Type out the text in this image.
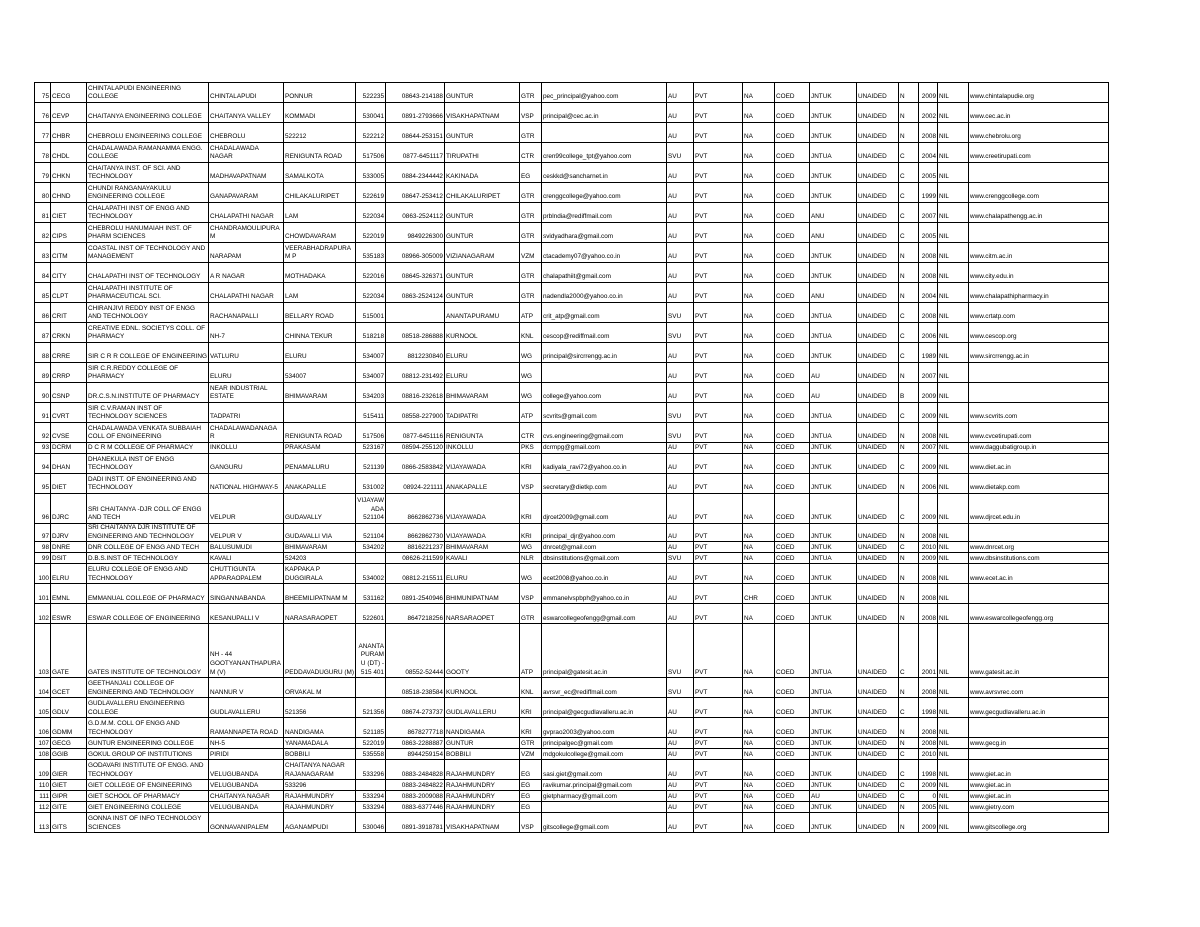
75	CECG	CHINTALAPUDI ENGINEERING COLLEGE	CHINTALAPUDI	PONNUR	522235	08643-214188	GUNTUR	GTR	pec_principal@yahoo.com	AU	PVT	NA	COED	JNTUK	UNAIDED	N	2009	NIL	www.chintalapudie.org
76	CEVP	CHAITANYA ENGINEERING COLLEGE	CHAITANYA VALLEY	KOMMADI	530041	0891-2793666	VISAKHAPATNAM	VSP	principal@cec.ac.in	AU	PVT	NA	COED	JNTUK	UNAIDED	N	2002	NIL	www.cec.ac.in
77	CHBR	CHEBROLU ENGINEERING COLLEGE	CHEBROLU	522212	522212	08644-253151	GUNTUR	GTR		AU	PVT	NA	COED	JNTUK	UNAIDED	N	2008	NIL	www.chebrolu.org
78	CHDL	CHADALAWADA RAMANAMMA ENGG. COLLEGE	CHADALAWADA NAGAR	RENIGUNTA ROAD	517506	0877-6451117	TIRUPATHI	CTR	cren99college_tpt@yahoo.com	SVU	PVT	NA	COED	JNTUA	UNAIDED	C	2004	NIL	www.creetirupati.com
79	CHKN	CHAITANYA INST. OF SCI. AND TECHNOLOGY	MADHAVAPATNAM	SAMALKOTA	533005	0884-2344442	KAKINADA	EG	ceskkd@sancharnet.in	AU	PVT	NA	COED	JNTUK	UNAIDED	C	2005	NIL	
80	CHND	CHUNDI RANGANAYAKULU ENGINEERING COLLEGE	GANAPAVARAM	CHILAKALURIPET	522619	08647-253412	CHILAKALURIPET	GTR	crenggcollege@yahoo.com	AU	PVT	NA	COED	JNTUK	UNAIDED	C	1999	NIL	www.crenggcollege.com
81	CIET	CHALAPATHI INST OF ENGG AND TECHNOLOGY	CHALAPATHI NAGAR	LAM	522034	0863-2524112	GUNTUR	GTR	prblndia@rediffmail.com	AU	PVT	NA	COED	ANU	UNAIDED	C	2007	NIL	www.chalapathengg.ac.in
82	CIPS	CHEBROLU HANUMAIAH INST. OF PHARM SCIENCES	CHANDRAMOULIPURA M	CHOWDAVARAM	522019	9849226300	GUNTUR	GTR	svidyadhara@gmail.com	AU	PVT	NA	COED	ANU	UNAIDED	C	2005	NIL	
83	CITM	COASTAL INST OF TECHNOLOGY AND MANAGEMENT	NARAPAM	VEERABHADRAPURA M P	535183	08966-305009	VIZIANAGARAM	VZM	ctacademy07@yahoo.co.in	AU	PVT	NA	COED	JNTUK	UNAIDED	N	2008	NIL	www.citm.ac.in
84	CITY	CHALAPATHI INST OF TECHNOLOGY	A R NAGAR	MOTHADAKA	522016	08645-326371	GUNTUR	GTR	chalapathiit@gmail.com	AU	PVT	NA	COED	JNTUK	UNAIDED	N	2008	NIL	www.city.edu.in
85	CLPT	CHALAPATHI INSTITUTE OF PHARMACEUTICAL SCI.	CHALAPATHI NAGAR	LAM	522034	0863-2524124	GUNTUR	GTR	nadendla2000@yahoo.co.in	AU	PVT	NA	COED	ANU	UNAIDED	N	2004	NIL	www.chalapathipharmacy.in
86	CRIT	CHIRANJIVI REDDY INST OF ENGG AND TECHNOLOGY	RACHANAPALLI	BELLARY ROAD	515001		ANANTAPURAMU	ATP	crit_atp@gmail.com	SVU	PVT	NA	COED	JNTUA	UNAIDED	C	2008	NIL	www.crtatp.com
87	CRKN	CREATIVE EDNL. SOCIETYS COLL. OF PHARMACY	NH-7	CHINNA TEKUR	518218	08518-286888	KURNOOL	KNL	cescop@rediffmail.com	SVU	PVT	NA	COED	JNTUA	UNAIDED	C	2006	NIL	www.cescop.org
88	CRRE	SIR C R R COLLEGE OF ENGINEERING	VATLURU	ELURU	534007	8812230840	ELURU	WG	principal@sircrrengg.ac.in	AU	PVT	NA	COED	JNTUK	UNAIDED	C	1989	NIL	www.sircrrengg.ac.in
89	CRRP	SIR C.R.REDDY COLLEGE OF PHARMACY	ELURU	534007	534007	08812-231492	ELURU	WG		AU	PVT	NA	COED	AU	UNAIDED	N	2007	NIL	
90	CSNP	DR.C.S.N.INSTITUTE OF PHARMACY	NEAR INDUSTRIAL ESTATE	BHIMAVARAM	534203	08816-232618	BHIMAVARAM	WG	college@yahoo.com	AU	PVT	NA	COED	AU	UNAIDED	B	2009	NIL	
91	CVRT	SIR C.V.RAMAN INST OF TECHNOLOGY SCIENCES	TADPATRI		515411	08558-227900	TADIPATRI	ATP	scvrits@gmail.com	SVU	PVT	NA	COED	JNTUA	UNAIDED	C	2009	NIL	www.scvrits.com
92	CVSE	CHADALAWADA VENKATA SUBBAIAH COLL OF ENGINEERING	CHADALAWADANAGA R	RENIGUNTA ROAD	517506	0877-6451116	RENIGUNTA	CTR	cvs.engineering@gmail.com	SVU	PVT	NA	COED	JNTUA	UNAIDED	N	2008	NIL	www.cvcetirupati.com
93	DCRM	D C R M COLLEGE OF PHARMACY	INKOLLU	PRAKASAM	523167	08594-255120	INKOLLU	PKS	dcrmpg@gmail.com	AU	PVT	NA	COED	JNTUK	UNAIDED	N	2007	NIL	www.daggubatigroup.in
94	DHAN	DHANEKULA INST OF ENGG TECHNOLOGY	GANGURU	PENAMALURU	521139	0866-2583842	VIJAYAWADA	KRI	kadiyala_ravi72@yahoo.co.in	AU	PVT	NA	COED	JNTUK	UNAIDED	C	2009	NIL	www.diet.ac.in
95	DIET	DADI INSTT. OF ENGINEERING AND TECHNOLOGY	NATIONAL HIGHWAY-5	ANAKAPALLE	531002	08924-221111	ANAKAPALLE	VSP	secretary@dietkp.com	AU	PVT	NA	COED	JNTUK	UNAIDED	N	2006	NIL	www.dietakp.com
96	DJRC	SRI CHAITANYA -DJR COLL OF ENGG AND TECH	VELPUR	GUDAVALLY	VIJAYAW ADA 521104	8662862736	VIJAYAWADA	KRI	djrcet2009@gmail.com	AU	PVT	NA	COED	JNTUK	UNAIDED	C	2009	NIL	www.djrcet.edu.in
97	DJRV	SRI CHAITANYA DJR INSTITUTE OF ENGINEERING AND TECHNOLOGY	VELPUR V	GUDAVALLI VIA	521104	8662862730	VIJAYAWADA	KRI	principal_djr@yahoo.com	AU	PVT	NA	COED	JNTUK	UNAIDED	N	2008	NIL	
98	DNRE	DNR COLLEGE OF ENGG AND TECH	BALUSUMUDI	BHIMAVARAM	534202	8816221237	BHIMAVARAM	WG	dnrcet@gmail.com	AU	PVT	NA	COED	JNTUK	UNAIDED	C	2010	NIL	www.dnrcet.org
99	DSIT	D.B.S.INST OF TECHNOLOGY	KAVALI	524203		08626-211599	KAVALI	NLR	dbsinstitutions@gmail.com	SVU	PVT	NA	COED	JNTUA	UNAIDED	N	2009	NIL	www.dbsinstitutions.com
100	ELRU	ELURU COLLEGE OF ENGG AND TECHNOLOGY	CHUTTIGUNTA APPARAOPALEM	KAPPAKA P DUGGIRALA	534002	08812-215511	ELURU	WG	ecet2008@yahoo.co.in	AU	PVT	NA	COED	JNTUK	UNAIDED	N	2008	NIL	www.ecet.ac.in
101	EMNL	EMMANUAL COLLEGE OF PHARMACY	SINGANNABANDA	BHEEMILIPATNAM M	531162	0891-2540946	BHIMUNIPATNAM	VSP	emmanelvspbph@yahoo.co.in	AU	PVT	CHR	COED	JNTUK	UNAIDED	N	2008	NIL	
102	ESWR	ESWAR COLLEGE OF ENGINEERING	KESANUPALLI V	NARASARAOPET	522601	8647218256	NARSARAOPET	GTR	eswarcollegeofengg@gmail.com	AU	PVT	NA	COED	JNTUK	UNAIDED	N	2008	NIL	www.eswarcollegeofengg.org
103	GATE	GATES INSTITUTE OF TECHNOLOGY	NH - 44 GOOTYANANTHAPURA M (V)	PEDDAVADUGURU (M)	ANANTA PURAM U (DT) - 515 401	08552-52444	GOOTY	ATP	principal@gatesit.ac.in	SVU	PVT	NA	COED	JNTUA	UNAIDED	C	2001	NIL	www.gatesit.ac.in
104	GCET	GEETHANJALI COLLEGE OF ENGINEERING AND TECHNOLOGY	NANNUR V	ORVAKAL M		08518-238584	KURNOOL	KNL	avrsvr_ec@rediffmail.com	SVU	PVT	NA	COED	JNTUA	UNAIDED	N	2008	NIL	www.avrsvrec.com
105	GDLV	GUDLAVALLERU ENGINEERING COLLEGE	GUDLAVALLERU	521356	521356	08674-273737	GUDLAVALLERU	KRI	principal@gecgudlavalleru.ac.in	AU	PVT	NA	COED	JNTUK	UNAIDED	C	1998	NIL	www.gecgudlavalleru.ac.in
106	GDMM	G.D.M.M. COLL OF ENGG AND TECHNOLOGY	RAMANNAPETA ROAD	NANDIGAMA	521185	8678277718	NANDIGAMA	KRI	gvprao2003@yahoo.com	AU	PVT	NA	COED	JNTUK	UNAIDED	N	2008	NIL	
107	GECG	GUNTUR ENGINEERING COLLEGE	NH-5	YANAMADALA	522019	0863-2288887	GUNTUR	GTR	principalgec@gmail.com	AU	PVT	NA	COED	JNTUK	UNAIDED	N	2008	NIL	www.gecg.in
108	GGIB	GOKUL GROUP OF INSTITUTIONS	PIRIDI	BOBBILI	535558	8944259154	BOBBILI	VZM	mdgokulcollege@gmail.com	AU	PVT	NA	COED	JNTUK	UNAIDED	C	2010	NIL	
109	GIER	GODAVARI INSTITUTE OF ENGG. AND TECHNOLOGY	VELUGUBANDA	CHAITANYA NAGAR RAJANAGARAM	533296	0883-2484828	RAJAHMUNDRY	EG	sasi.giet@gmail.com	AU	PVT	NA	COED	JNTUK	UNAIDED	C	1998	NIL	www.giet.ac.in
110	GIET	GIET COLLEGE OF ENGINEERING	VELUGUBANDA	533296		0883-2484822	RAJAHMUNDRY	EG	ravikumar.principal@gmail.com	AU	PVT	NA	COED	JNTUK	UNAIDED	C	2009	NIL	www.giet.ac.in
111	GIPR	GIET SCHOOL OF PHARMACY	CHAITANYA NAGAR	RAJAHMUNDRY	533294	0883-2009088	RAJAHMUNDRY	EG	gietpharmacy@gmail.com	AU	PVT	NA	COED	AU	UNAIDED	C	0	NIL	www.giet.ac.in
112	GITE	GIET ENGINEERING COLLEGE	VELUGUBANDA	RAJAHMUNDRY	533294	0883-6377446	RAJAHMUNDRY	EG		AU	PVT	NA	COED	JNTUK	UNAIDED	N	2005	NIL	www.gietry.com
113	GITS	GONNA INST OF INFO TECHNOLOGY SCIENCES	GONNAVANIPALEM	AGANAMPUDI	530046	0891-3918781	VISAKHAPATNAM	VSP	gitscollege@gmail.com	AU	PVT	NA	COED	JNTUK	UNAIDED	N	2009	NIL	www.gitscollege.org
